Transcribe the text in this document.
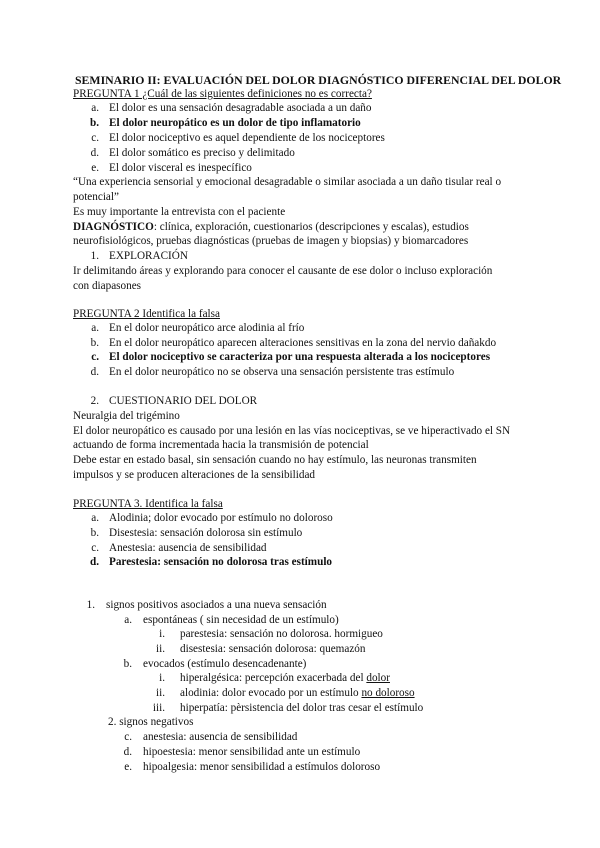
SEMINARIO II: EVALUACIÓN DEL DOLOR DIAGNÓSTICO DIFERENCIAL DEL DOLOR
PREGUNTA 1 ¿Cuál de las siguientes definiciones no es correcta?
a. El dolor es una sensación desagradable asociada a un daño
b. El dolor neuropático es un dolor de tipo inflamatorio
c. El dolor nociceptivo es aquel dependiente de los nociceptores
d. El dolor somático es preciso y delimitado
e. El dolor visceral es inespecífico
“Una experiencia sensorial y emocional desagradable o similar asociada a un daño tisular real o
potencial”
Es muy importante la entrevista con el paciente
DIAGNÓSTICO: clínica, exploración, cuestionarios (descripciones y escalas), estudios
neurofisiológicos, pruebas diagnósticas (pruebas de imagen y biopsias) y biomarcadores
1. EXPLORACIÓN
Ir delimitando áreas y explorando para conocer el causante de ese dolor o incluso exploración
con diapasones
PREGUNTA 2 Identifica la falsa
a. En el dolor neuropático arce alodinia al frío
b. En el dolor neuropático aparecen alteraciones sensitivas en la zona del nervio dañakdo
c. El dolor nociceptivo se caracteriza por una respuesta alterada a los nociceptores
d. En el dolor neuropático no se observa una sensación persistente tras estímulo
2. CUESTIONARIO DEL DOLOR
Neuralgia del trigémino
El dolor neuropático es causado por una lesión en las vías nociceptivas, se ve hiperactivado el SN
actuando de forma incrementada hacia la transmisión de potencial
Debe estar en estado basal, sin sensación cuando no hay estímulo, las neuronas transmiten
impulsos y se producen alteraciones de la sensibilidad
PREGUNTA 3. Identifica la falsa
a. Alodinia; dolor evocado por estímulo no doloroso
b. Disestesia: sensación dolorosa sin estímulo
c. Anestesia: ausencia de sensibilidad
d. Parestesia: sensación no dolorosa tras estímulo
1. signos positivos asociados a una nueva sensación
a. espontáneas ( sin necesidad de un estímulo)
i. parestesia: sensación no dolorosa. hormigueo
ii. disestesia: sensación dolorosa: quemazón
b. evocados (estímulo desencadenante)
i. hiperalgésica: percepción exacerbada del dolor
ii. alodinia: dolor evocado por un estímulo no doloroso
iii. hiperpatía: pèrsistencia del dolor tras cesar el estímulo
2. signos negativos
c. anestesia: ausencia de sensibilidad
d. hipoestesia: menor sensibilidad ante un estímulo
e. hipoalgesia: menor sensibilidad a estímulos doloroso
